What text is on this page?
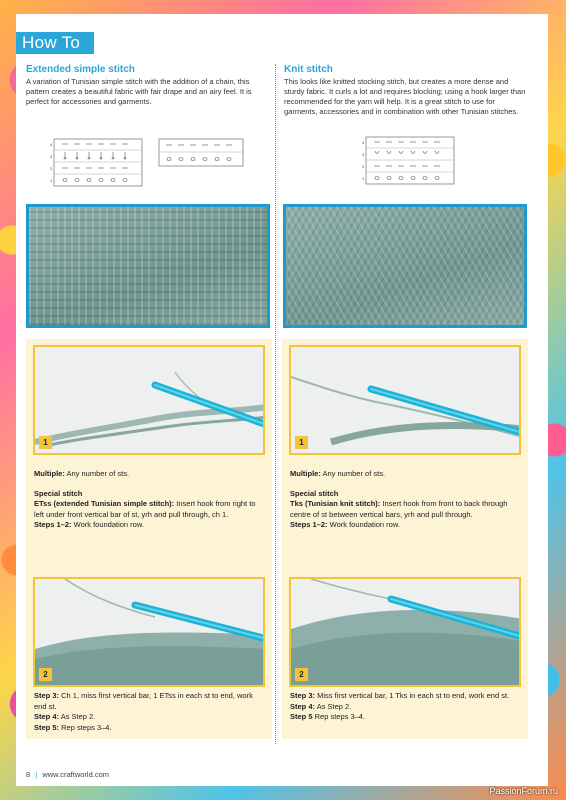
How To
Extended simple stitch
A variation of Tunisian simple stitch with the addition of a chain, this pattern creates a beautiful fabric with fair drape and an airy feel. It is perfect for accessories and garments.
Knit stitch
This looks like knitted stocking stitch, but creates a more dense and sturdy fabric. It curls a lot and requires blocking; using a hook larger than recommended for the yarn will help. It is a great stitch to use for garments, accessories and in combination with other Tunisian stitches.
4
3
2
1
4
3
2
1
1
Multiple: Any number of sts.
Special stitch
ETss (extended Tunisian simple stitch): Insert hook from right to left under front vertical bar of st, yrh and pull through, ch 1.
Steps 1–2: Work foundation row.
2
Step 3: Ch 1, miss first vertical bar, 1 ETss in each st to end, work end st.
Step 4: As Step 2.
Step 5: Rep steps 3–4.
1
Multiple: Any number of sts.
Special stitch
Tks (Tunisian knit stitch): Insert hook from front to back through centre of st between vertical bars, yrh and pull through.
Steps 1–2: Work foundation row.
2
Step 3: Miss first vertical bar, 1 Tks in each st to end, work end st.
Step 4: As Step 2.
Step 5 Rep steps 3–4.
8 | www.craftworld.com
PassionForum.ru
